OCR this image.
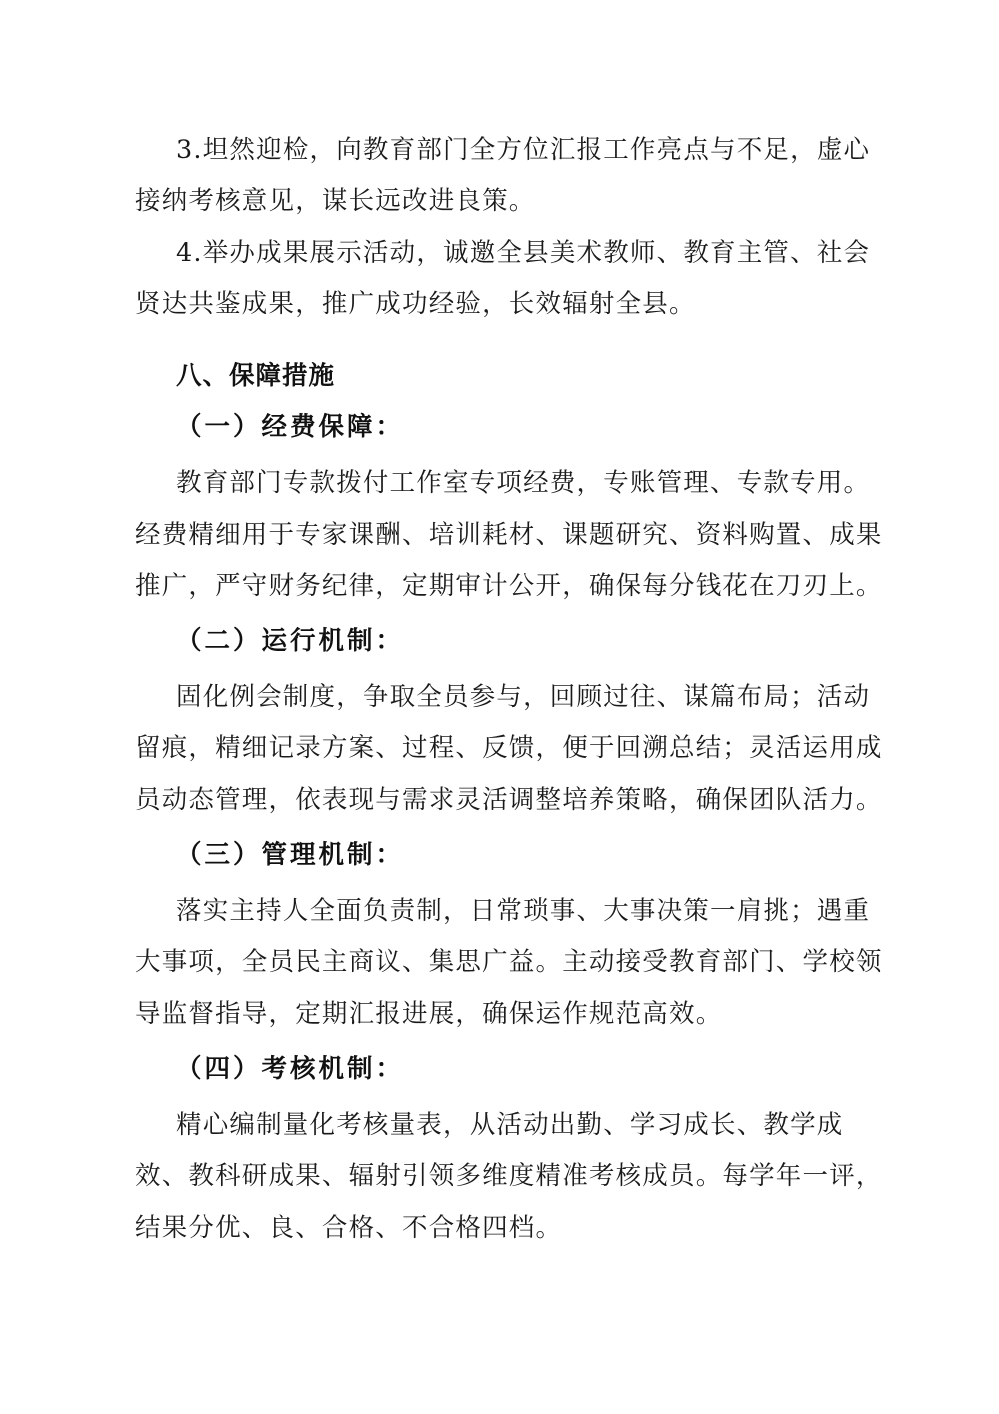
3.坦然迎检，向教育部门全方位汇报工作亮点与不足，虚心
接纳考核意见，谋长远改进良策。
4.举办成果展示活动，诚邀全县美术教师、教育主管、社会
贤达共鉴成果，推广成功经验，长效辐射全县。
八、保障措施
（一）经费保障：
教育部门专款拨付工作室专项经费，专账管理、专款专用。
经费精细用于专家课酬、培训耗材、课题研究、资料购置、成果
推广，严守财务纪律，定期审计公开，确保每分钱花在刀刃上。
（二）运行机制：
固化例会制度，争取全员参与，回顾过往、谋篇布局；活动
留痕，精细记录方案、过程、反馈，便于回溯总结；灵活运用成
员动态管理，依表现与需求灵活调整培养策略，确保团队活力。
（三）管理机制：
落实主持人全面负责制，日常琐事、大事决策一肩挑；遇重
大事项，全员民主商议、集思广益。主动接受教育部门、学校领
导监督指导，定期汇报进展，确保运作规范高效。
（四）考核机制：
精心编制量化考核量表，从活动出勤、学习成长、教学成
效、教科研成果、辐射引领多维度精准考核成员。每学年一评，
结果分优、良、合格、不合格四档。
